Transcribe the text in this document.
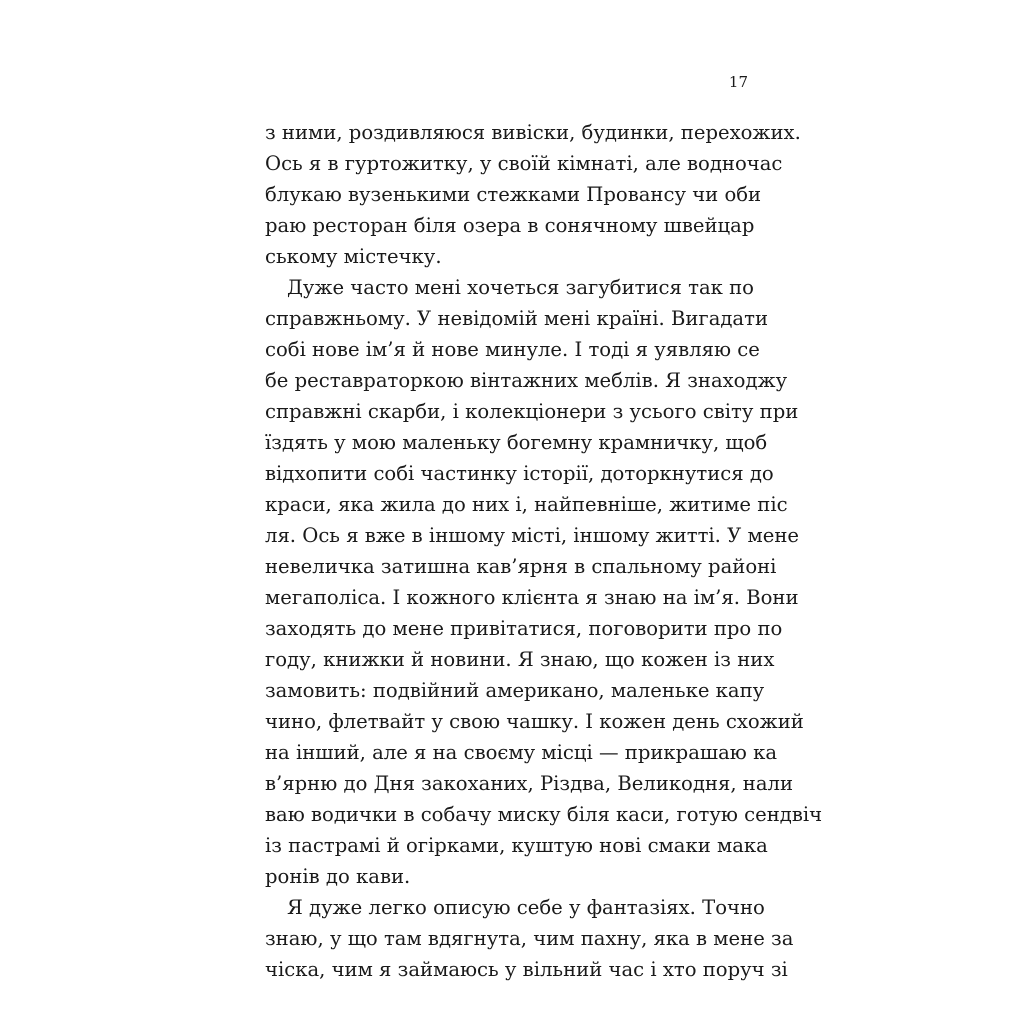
17
з ними, роздивляюся вивіски, будинки, перехожих.
Ось я в гуртожитку, у своїй кімнаті, але водночас
блукаю вузенькими стежками Провансу чи оби
раю ресторан біля озера в сонячному швейцар
ському містечку.
Дуже часто мені хочеться загубитися так по
справжньому. У невідомій мені країні. Вигадати
собі нове ім’я й нове минуле. І тоді я уявляю се
бе реставраторкою вінтажних меблів. Я знаходжу
справжні скарби, і колекціонери з усього світу при
їздять у мою маленьку богемну крамничку, щоб
відхопити собі частинку історії, доторкнутися до
краси, яка жила до них і, найпевніше, житиме піс
ля. Ось я вже в іншому місті, іншому житті. У мене
невеличка затишна кав’ярня в спальному районі
мегаполіса. І кожного клієнта я знаю на ім’я. Вони
заходять до мене привітатися, поговорити про по
году, книжки й новини. Я знаю, що кожен із них
замовить: подвійний американо, маленьке капу
чино, флетвайт у свою чашку. І кожен день схожий
на інший, але я на своєму місці — прикрашаю ка
в’ярню до Дня закоханих, Різдва, Великодня, нали
ваю водички в собачу миску біля каси, готую сендвіч
із пастрамі й огірками, куштую нові смаки мака
ронів до кави.
Я дуже легко описую себе у фантазіях. Точно
знаю, у що там вдягнута, чим пахну, яка в мене за
чіска, чим я займаюсь у вільний час і хто поруч зі
